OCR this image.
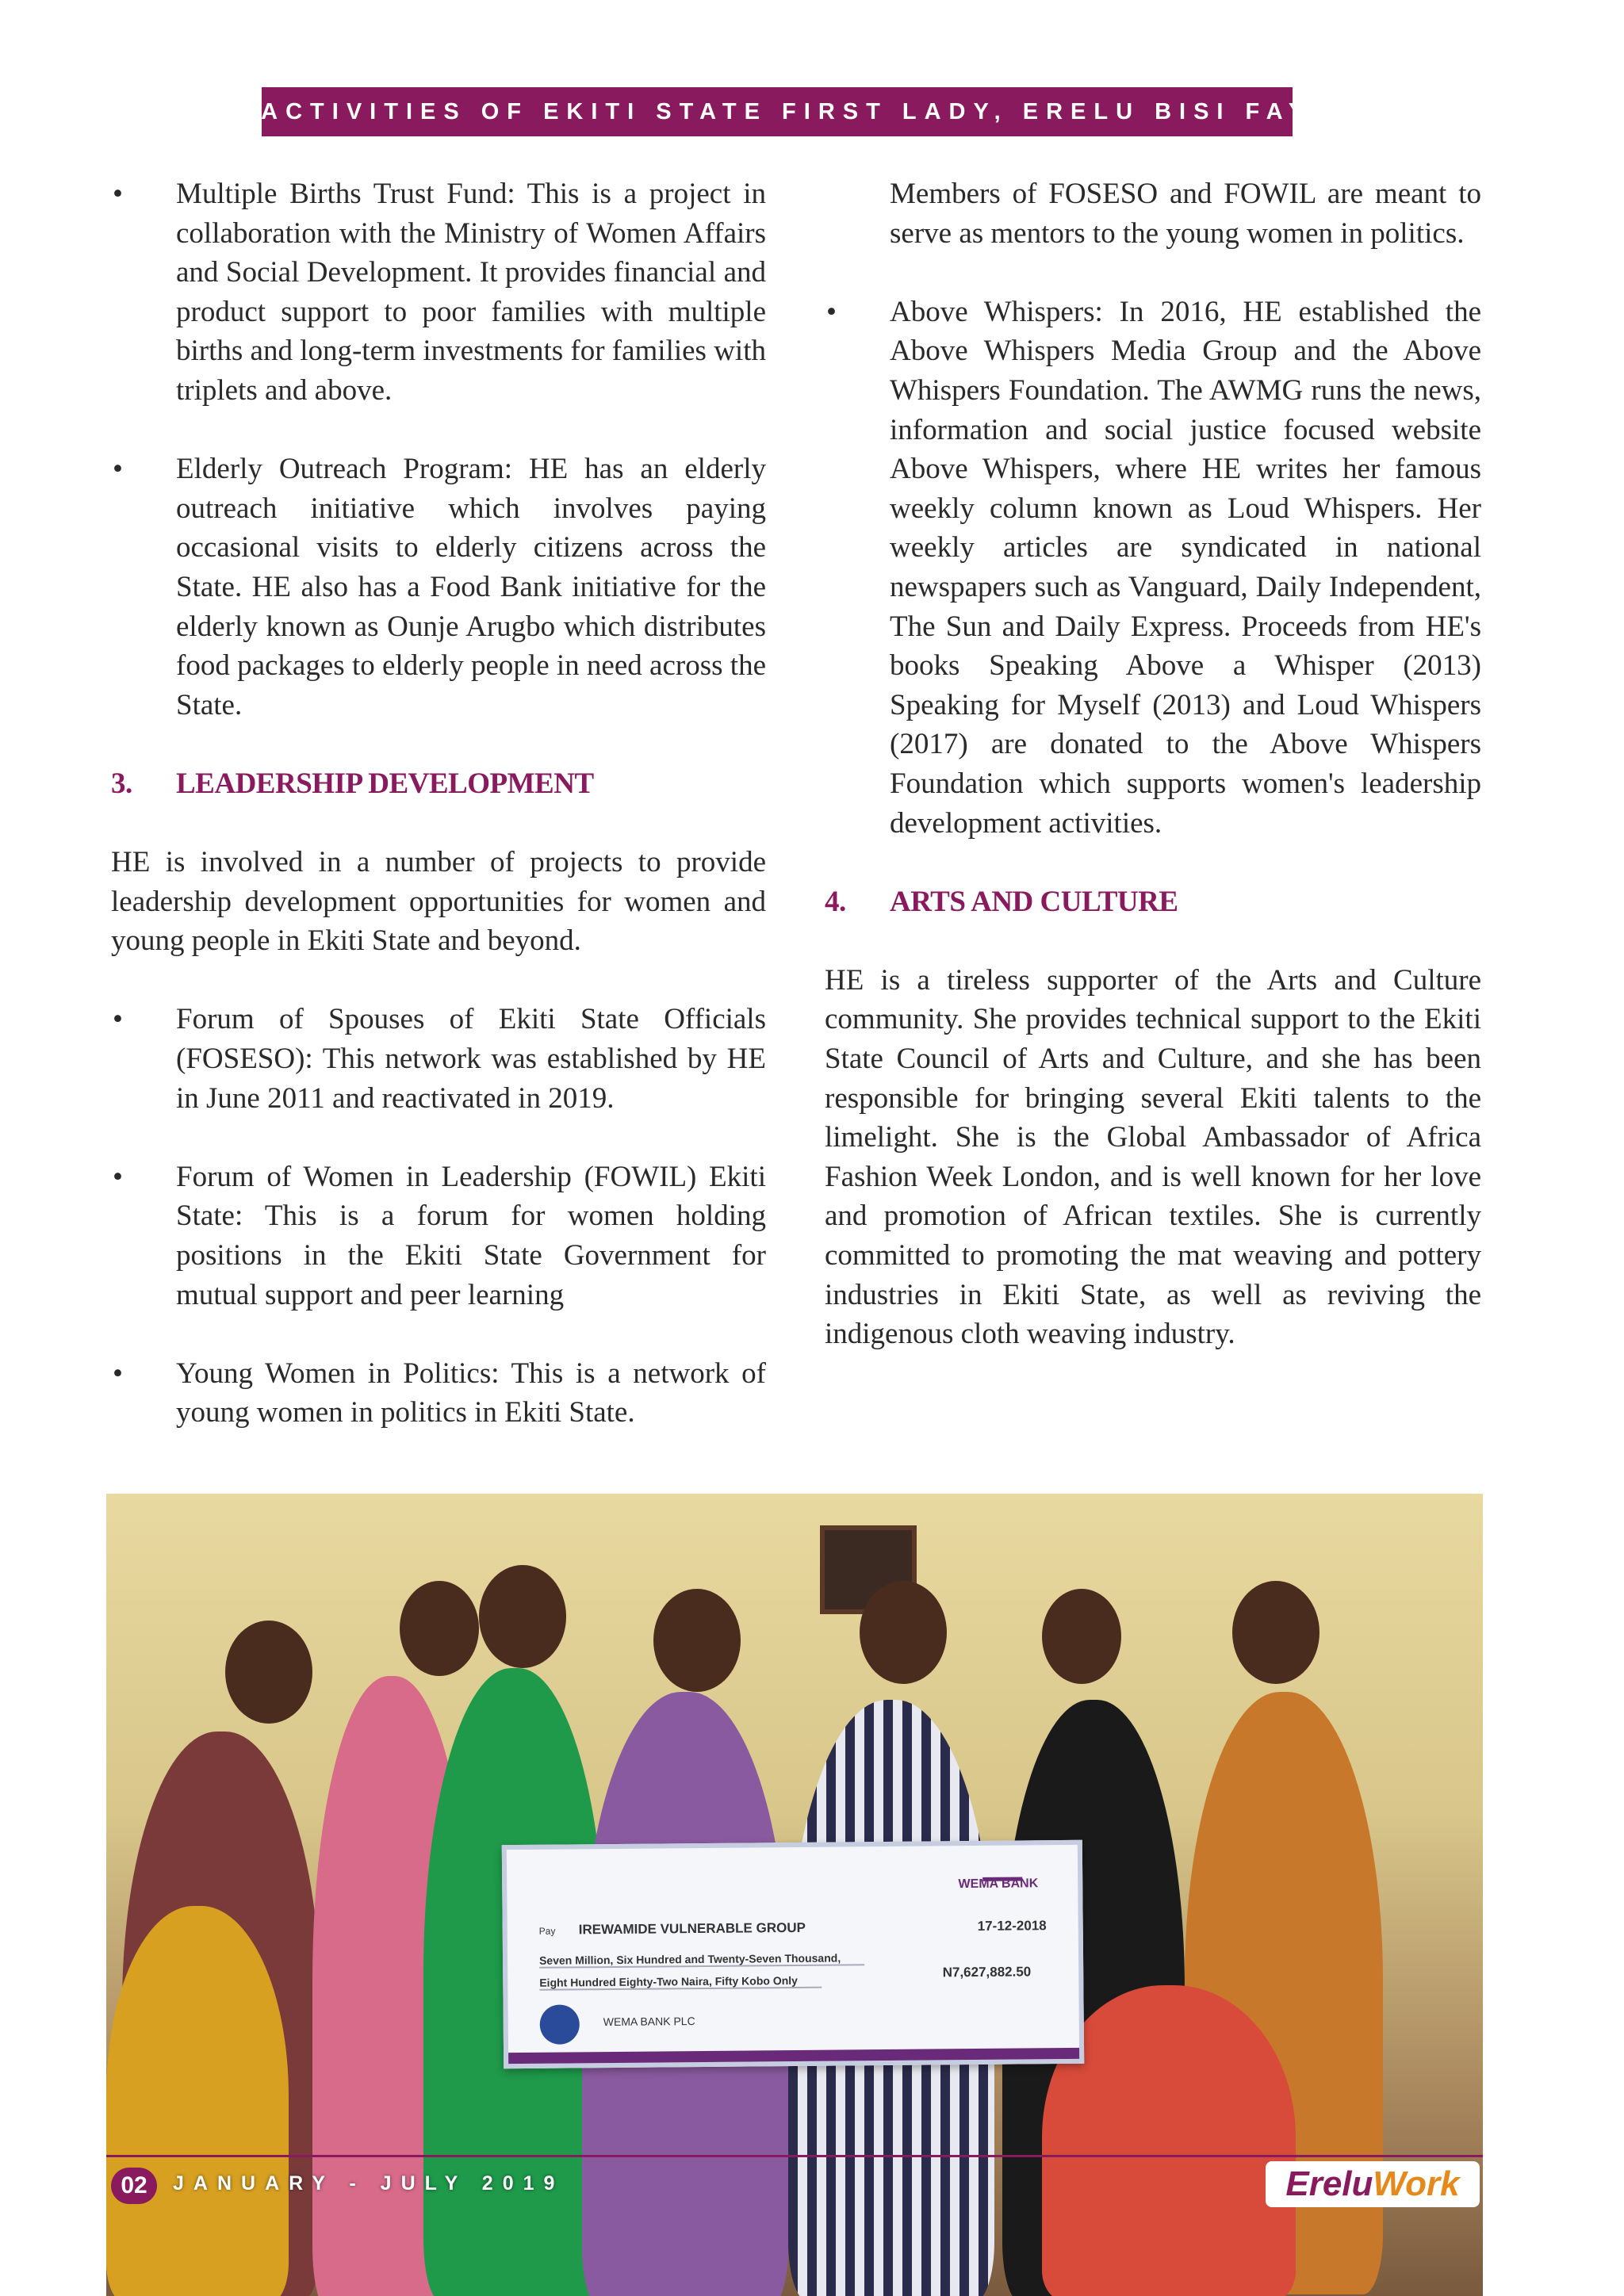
THE ACTIVITIES OF EKITI STATE FIRST LADY, ERELU BISI FAYEMI
• Multiple Births Trust Fund: This is a project in collaboration with the Ministry of Women Affairs and Social Development. It provides financial and product support to poor families with multiple births and long-term investments for families with triplets and above.
• Elderly Outreach Program: HE has an elderly outreach initiative which involves paying occasional visits to elderly citizens across the State. HE also has a Food Bank initiative for the elderly known as Ounje Arugbo which distributes food packages to elderly people in need across the State.
3.	LEADERSHIP DEVELOPMENT

HE is involved in a number of projects to provide leadership development opportunities for women and young people in Ekiti State and beyond.

• Forum of Spouses of Ekiti State Officials (FOSESO): This network was established by HE in June 2011 and reactivated in 2019.
• Forum of Women in Leadership (FOWIL) Ekiti State: This is a forum for women holding positions in the Ekiti State Government for mutual support and peer learning
• Young Women in Politics: This is a network of young women in politics in Ekiti State.

Members of FOSESO and FOWIL are meant to serve as mentors to the young women in politics.

• Above Whispers: In 2016, HE established the Above Whispers Media Group and the Above Whispers Foundation. The AWMG runs the news, information and social justice focused website Above Whispers, where HE writes her famous weekly column known as Loud Whispers. Her weekly articles are syndicated in national newspapers such as Vanguard, Daily Independent, The Sun and Daily Express. Proceeds from HE's books Speaking Above a Whisper (2013) Speaking for Myself (2013) and Loud Whispers (2017) are donated to the Above Whispers Foundation which supports women's leadership development activities.
4.	ARTS AND CULTURE

HE is a tireless supporter of the Arts and Culture community. She provides technical support to the Ekiti State Council of Arts and Culture, and she has been responsible for bringing several Ekiti talents to the limelight. She is the Global Ambassador of Africa Fashion Week London, and is well known for her love and promotion of African textiles. She is currently committed to promoting the mat weaving and pottery industries in Ekiti State, as well as reviving the indigenous cloth weaving industry.

WEMA BANK
Pay IREWAMIDE VULNERABLE GROUP	17-12-2018
Seven Million, Six Hundred and Twenty-Seven Thousand,
Eight Hundred Eighty-Two Naira, Fifty Kobo Only
N7,627,882.50
WEMA BANK PLC
02	JANUARY - JULY 2019	Erelu Work
